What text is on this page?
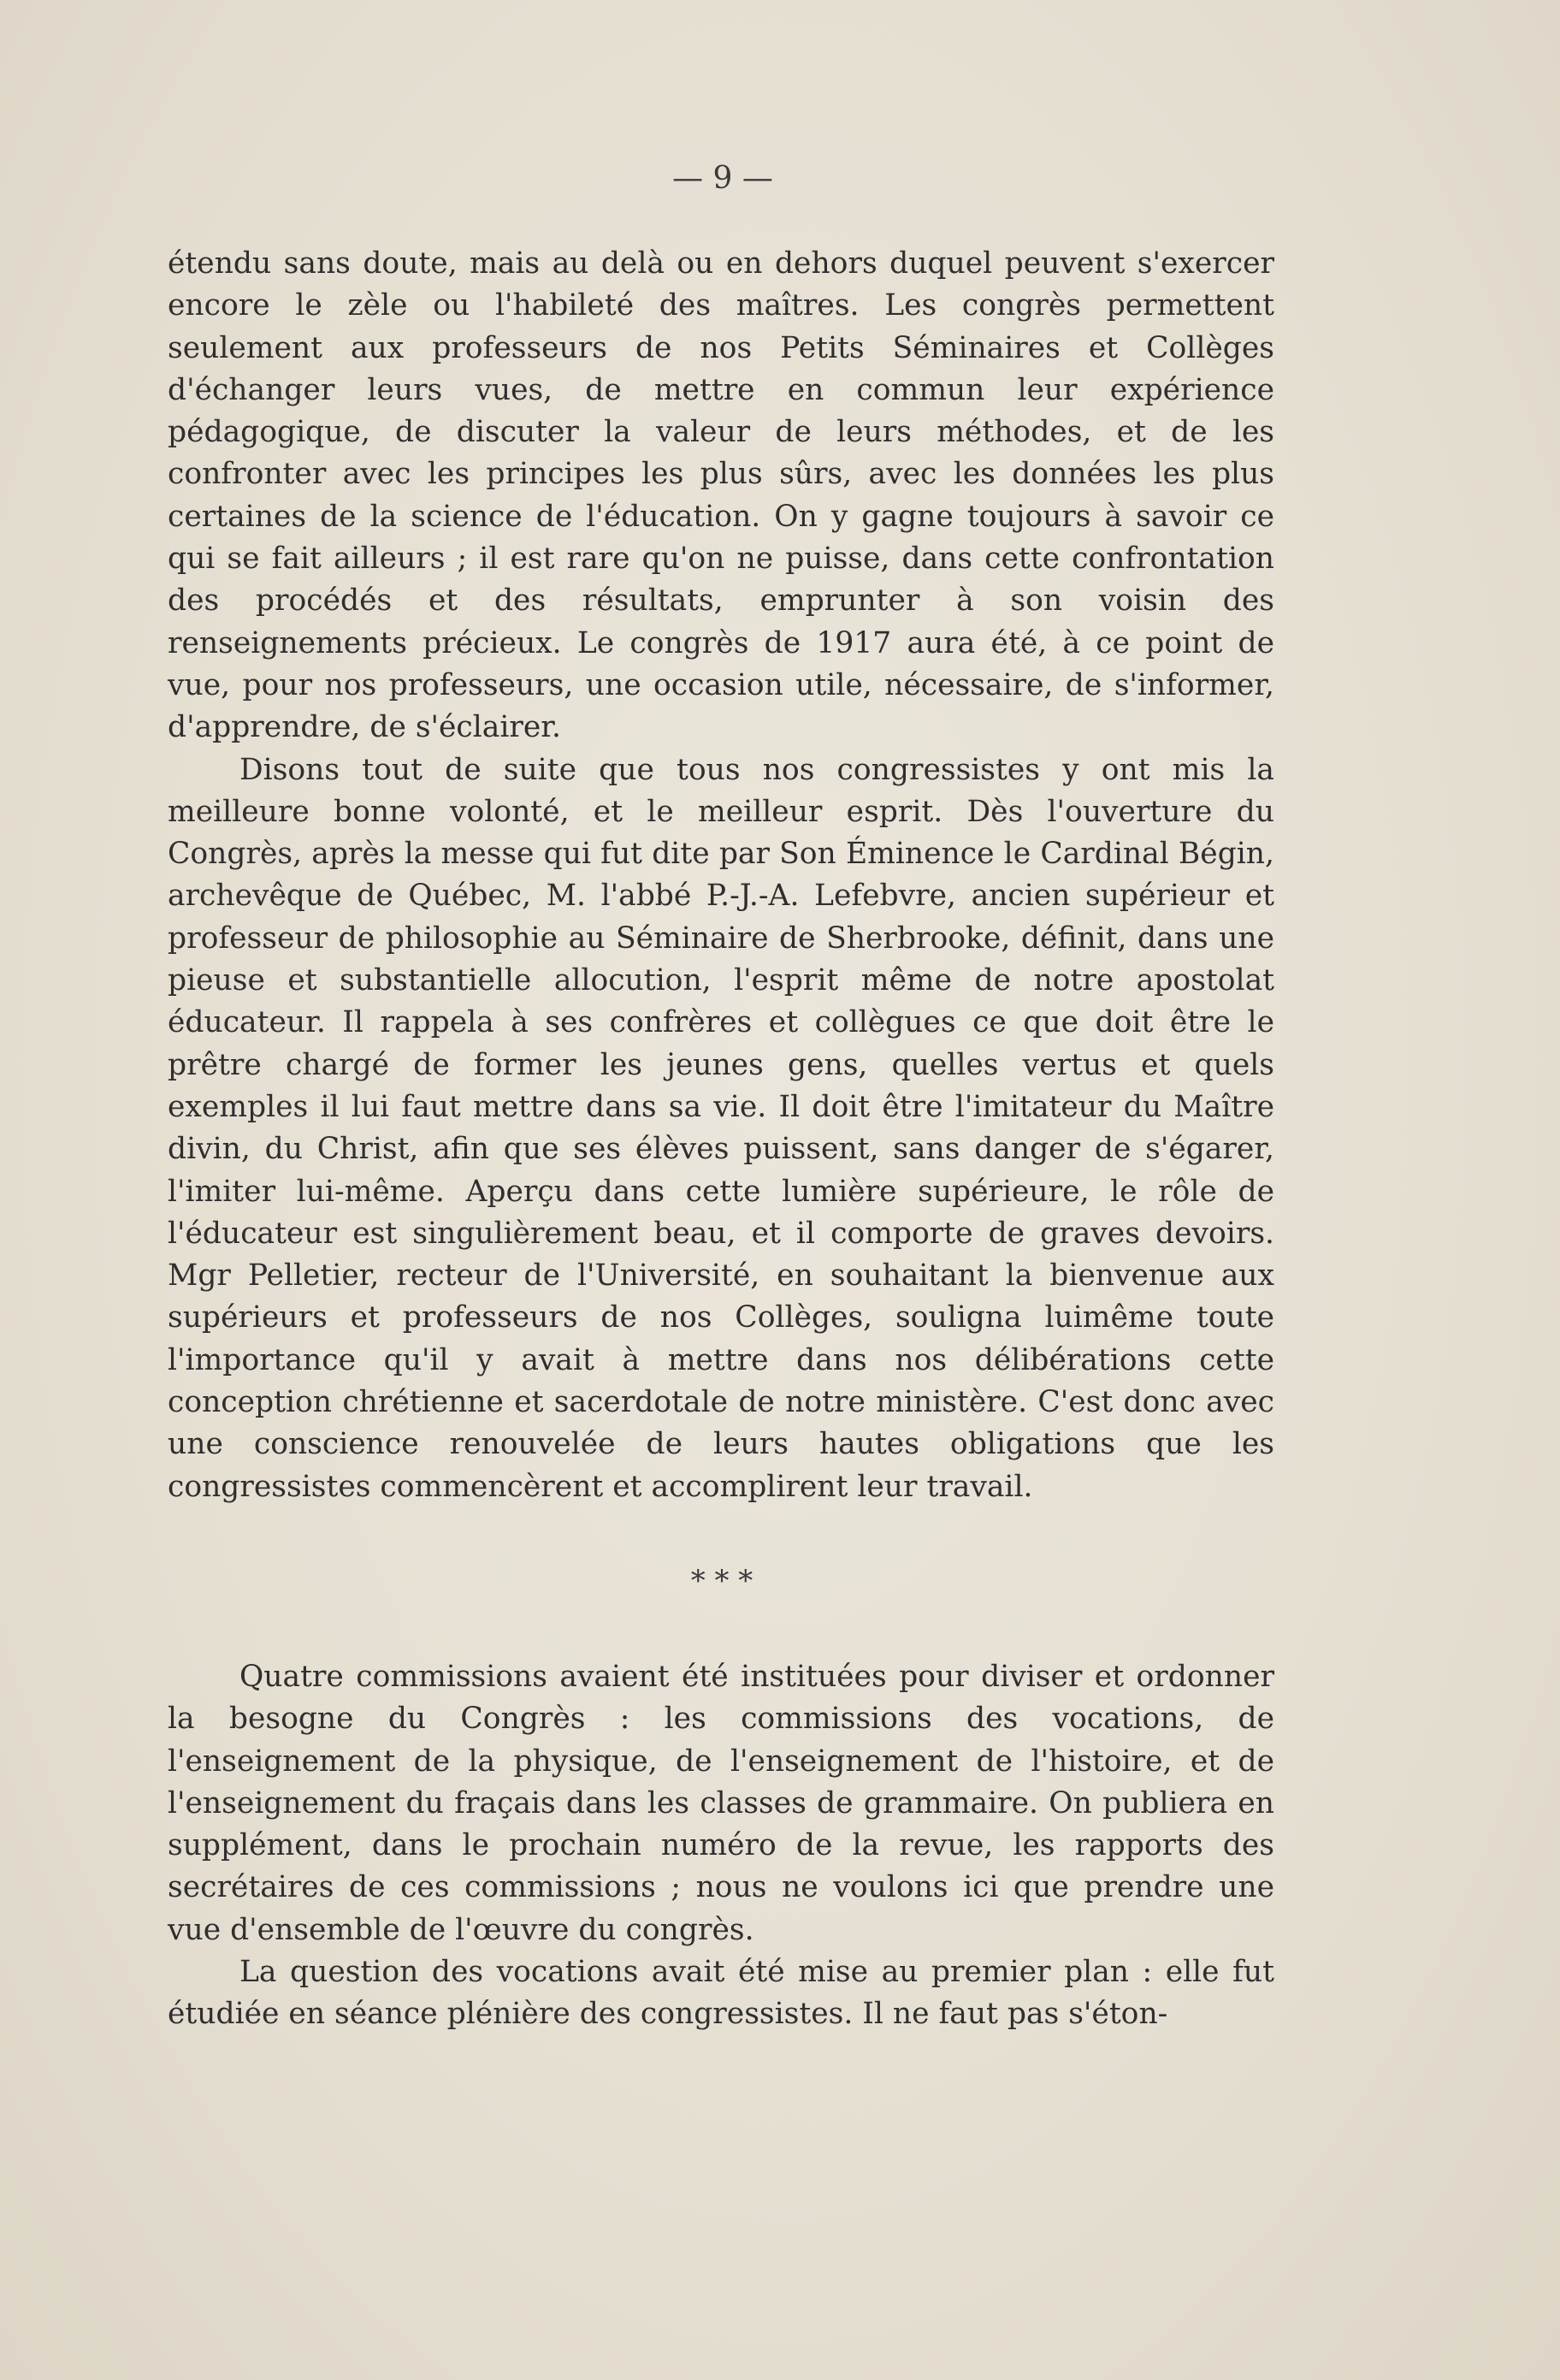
— 9 —

étendu sans doute, mais au delà ou en dehors duquel peuvent s'exercer encore le zèle ou l'habileté des maîtres. Les congrès permettent seulement aux professeurs de nos Petits Séminaires et Collèges d'échanger leurs vues, de mettre en commun leur expérience pédagogique, de discuter la valeur de leurs méthodes, et de les confronter avec les principes les plus sûrs, avec les données les plus certaines de la science de l'éducation. On y gagne toujours à savoir ce qui se fait ailleurs ; il est rare qu'on ne puisse, dans cette confrontation des procédés et des résultats, emprunter à son voisin des renseignements précieux. Le congrès de 1917 aura été, à ce point de vue, pour nos professeurs, une occasion utile, nécessaire, de s'informer, d'apprendre, de s'éclairer.

Disons tout de suite que tous nos congressistes y ont mis la meilleure bonne volonté, et le meilleur esprit. Dès l'ouverture du Congrès, après la messe qui fut dite par Son Éminence le Cardinal Bégin, archevêque de Québec, M. l'abbé P.-J.-A. Lefebvre, ancien supérieur et professeur de philosophie au Séminaire de Sherbrooke, définit, dans une pieuse et substantielle allocution, l'esprit même de notre apostolat éducateur. Il rappela à ses confrères et collègues ce que doit être le prêtre chargé de former les jeunes gens, quelles vertus et quels exemples il lui faut mettre dans sa vie. Il doit être l'imitateur du Maître divin, du Christ, afin que ses élèves puissent, sans danger de s'égarer, l'imiter lui-même. Aperçu dans cette lumière supérieure, le rôle de l'éducateur est singulièrement beau, et il comporte de graves devoirs. Mgr Pelletier, recteur de l'Université, en souhaitant la bienvenue aux supérieurs et professeurs de nos Collèges, souligna luimême toute l'importance qu'il y avait à mettre dans nos délibérations cette conception chrétienne et sacerdotale de notre ministère. C'est donc avec une conscience renouvelée de leurs hautes obligations que les congressistes commencèrent et accomplirent leur travail.

* * *

Quatre commissions avaient été instituées pour diviser et ordonner la besogne du Congrès : les commissions des vocations, de l'enseignement de la physique, de l'enseignement de l'histoire, et de l'enseignement du fraçais dans les classes de grammaire. On publiera en supplément, dans le prochain numéro de la revue, les rapports des secrétaires de ces commissions ; nous ne voulons ici que prendre une vue d'ensemble de l'œuvre du congrès.

La question des vocations avait été mise au premier plan : elle fut étudiée en séance plénière des congressistes. Il ne faut pas s'éton-
